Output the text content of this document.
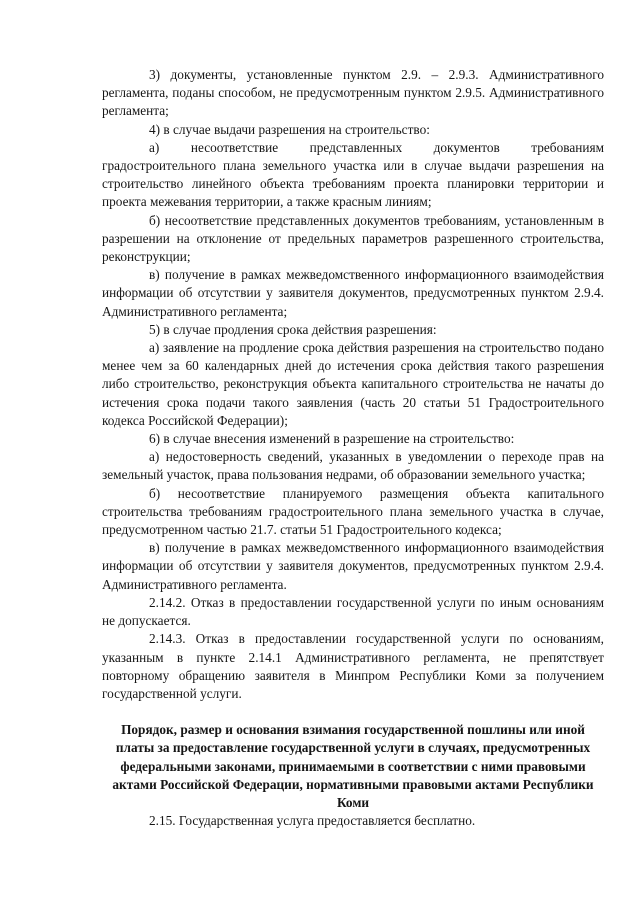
3) документы, установленные пунктом 2.9. – 2.9.3. Административного регламента, поданы способом, не предусмотренным пунктом 2.9.5. Административного регламента;

4) в случае выдачи разрешения на строительство:

а) несоответствие представленных документов требованиям градостроительного плана земельного участка или в случае выдачи разрешения на строительство линейного объекта требованиям проекта планировки территории и проекта межевания территории, а также красным линиям;

б) несоответствие представленных документов требованиям, установленным в разрешении на отклонение от предельных параметров разрешенного строительства, реконструкции;

в) получение в рамках межведомственного информационного взаимодействия информации об отсутствии у заявителя документов, предусмотренных пунктом 2.9.4. Административного регламента;

5) в случае продления срока действия разрешения:

а) заявление на продление срока действия разрешения на строительство подано менее чем за 60 календарных дней до истечения срока действия такого разрешения либо строительство, реконструкция объекта капитального строительства не начаты до истечения срока подачи такого заявления (часть 20 статьи 51 Градостроительного кодекса Российской Федерации);

6) в случае внесения изменений в разрешение на строительство:

а) недостоверность сведений, указанных в уведомлении о переходе прав на земельный участок, права пользования недрами, об образовании земельного участка;

б) несоответствие планируемого размещения объекта капитального строительства требованиям градостроительного плана земельного участка в случае, предусмотренном частью 21.7. статьи 51 Градостроительного кодекса;

в) получение в рамках межведомственного информационного взаимодействия информации об отсутствии у заявителя документов, предусмотренных пунктом 2.9.4. Административного регламента.

2.14.2. Отказ в предоставлении государственной услуги по иным основаниям не допускается.

2.14.3. Отказ в предоставлении государственной услуги по основаниям, указанным в пункте 2.14.1 Административного регламента, не препятствует повторному обращению заявителя в Минпром Республики Коми за получением государственной услуги.

Порядок, размер и основания взимания государственной пошлины или иной платы за предоставление государственной услуги в случаях, предусмотренных федеральными законами, принимаемыми в соответствии с ними правовыми актами Российской Федерации, нормативными правовыми актами Республики Коми

2.15. Государственная услуга предоставляется бесплатно.
